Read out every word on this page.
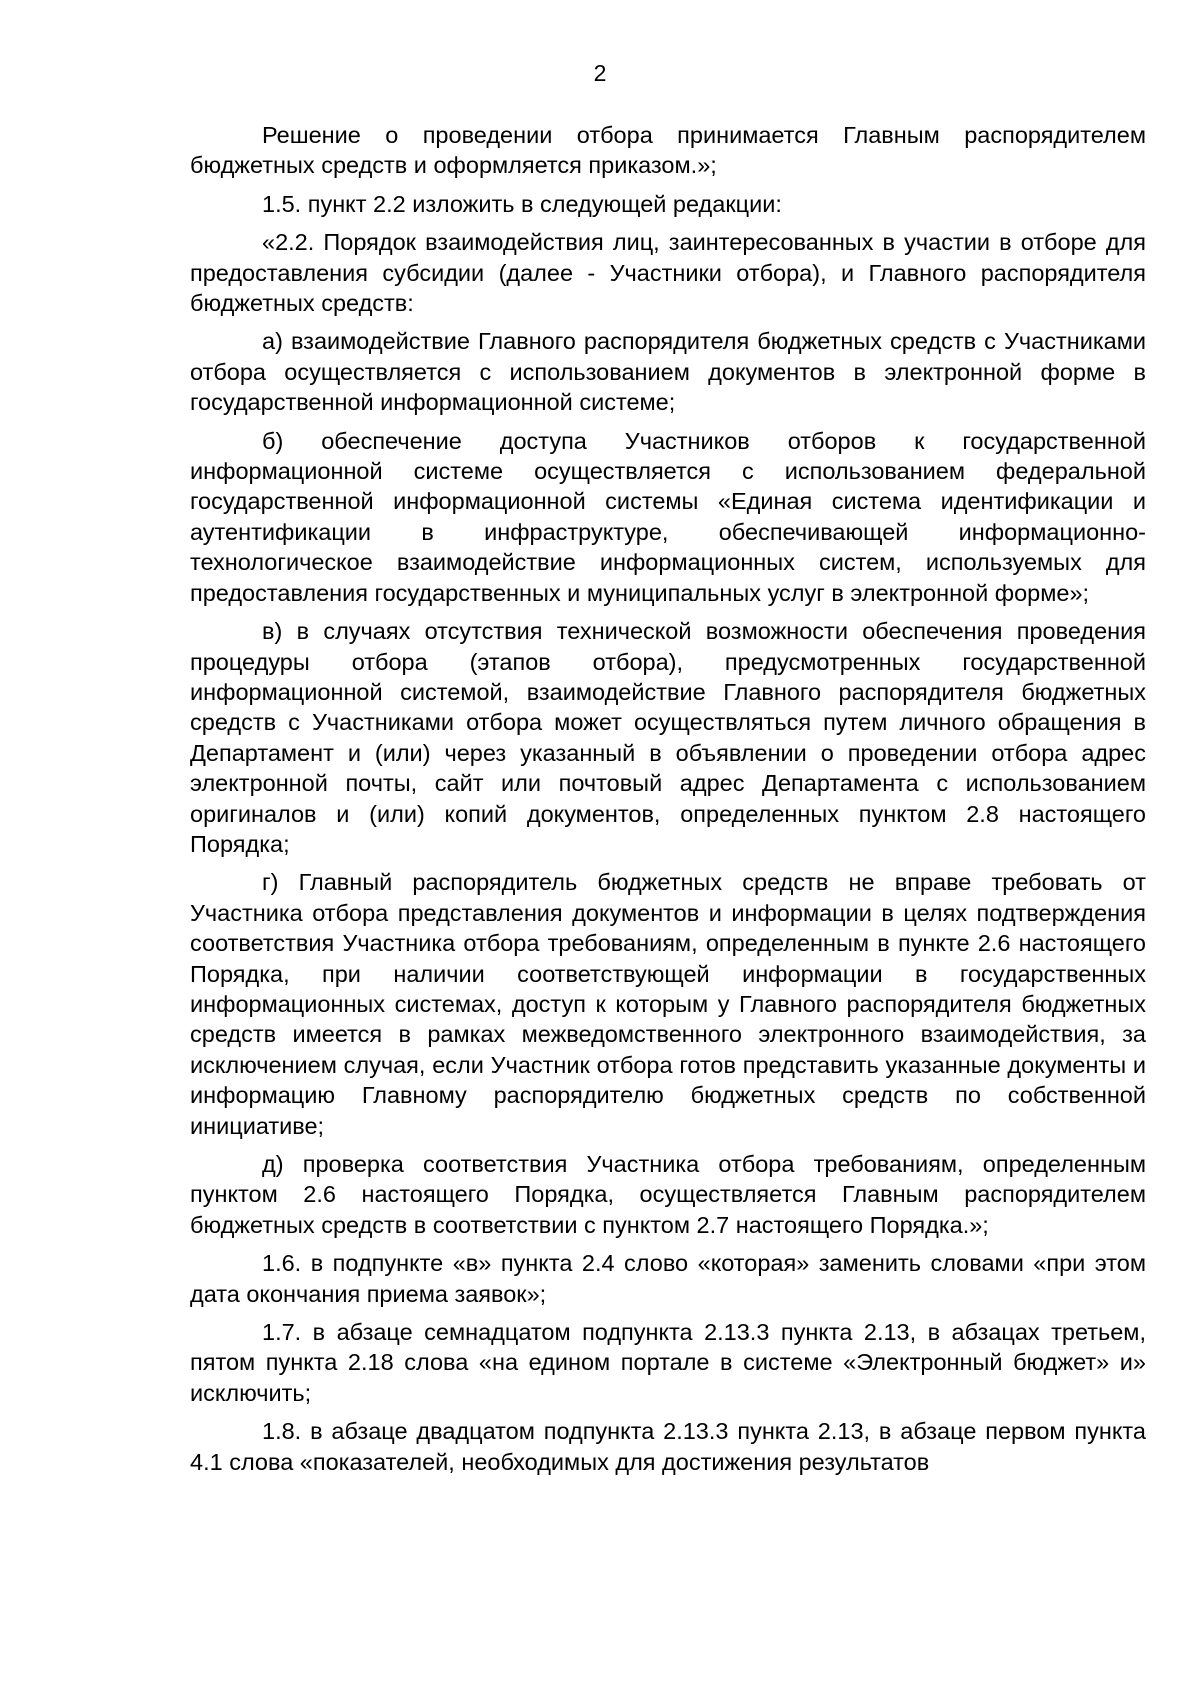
2

Решение о проведении отбора принимается Главным распорядителем бюджетных средств и оформляется приказом.»;

1.5. пункт 2.2 изложить в следующей редакции:

«2.2. Порядок взаимодействия лиц, заинтересованных в участии в отборе для предоставления субсидии (далее - Участники отбора), и Главного распорядителя бюджетных средств:

а) взаимодействие Главного распорядителя бюджетных средств с Участниками отбора осуществляется с использованием документов в электронной форме в государственной информационной системе;

б) обеспечение доступа Участников отборов к государственной информационной системе осуществляется с использованием федеральной государственной информационной системы «Единая система идентификации и аутентификации в инфраструктуре, обеспечивающей информационно-технологическое взаимодействие информационных систем, используемых для предоставления государственных и муниципальных услуг в электронной форме»;

в) в случаях отсутствия технической возможности обеспечения проведения процедуры отбора (этапов отбора), предусмотренных государственной информационной системой, взаимодействие Главного распорядителя бюджетных средств с Участниками отбора может осуществляться путем личного обращения в Департамент и (или) через указанный в объявлении о проведении отбора адрес электронной почты, сайт или почтовый адрес Департамента с использованием оригиналов и (или) копий документов, определенных пунктом 2.8 настоящего Порядка;

г) Главный распорядитель бюджетных средств не вправе требовать от Участника отбора представления документов и информации в целях подтверждения соответствия Участника отбора требованиям, определенным в пункте 2.6 настоящего Порядка, при наличии соответствующей информации в государственных информационных системах, доступ к которым у Главного распорядителя бюджетных средств имеется в рамках межведомственного электронного взаимодействия, за исключением случая, если Участник отбора готов представить указанные документы и информацию Главному распорядителю бюджетных средств по собственной инициативе;

д) проверка соответствия Участника отбора требованиям, определенным пунктом 2.6 настоящего Порядка, осуществляется Главным распорядителем бюджетных средств в соответствии с пунктом 2.7 настоящего Порядка.»;

1.6. в подпункте «в» пункта 2.4 слово «которая» заменить словами «при этом дата окончания приема заявок»;

1.7. в абзаце семнадцатом подпункта 2.13.3 пункта 2.13, в абзацах третьем, пятом пункта 2.18 слова «на едином портале в системе «Электронный бюджет» и» исключить;

1.8. в абзаце двадцатом подпункта 2.13.3 пункта 2.13, в абзаце первом пункта 4.1 слова «показателей, необходимых для достижения результатов
